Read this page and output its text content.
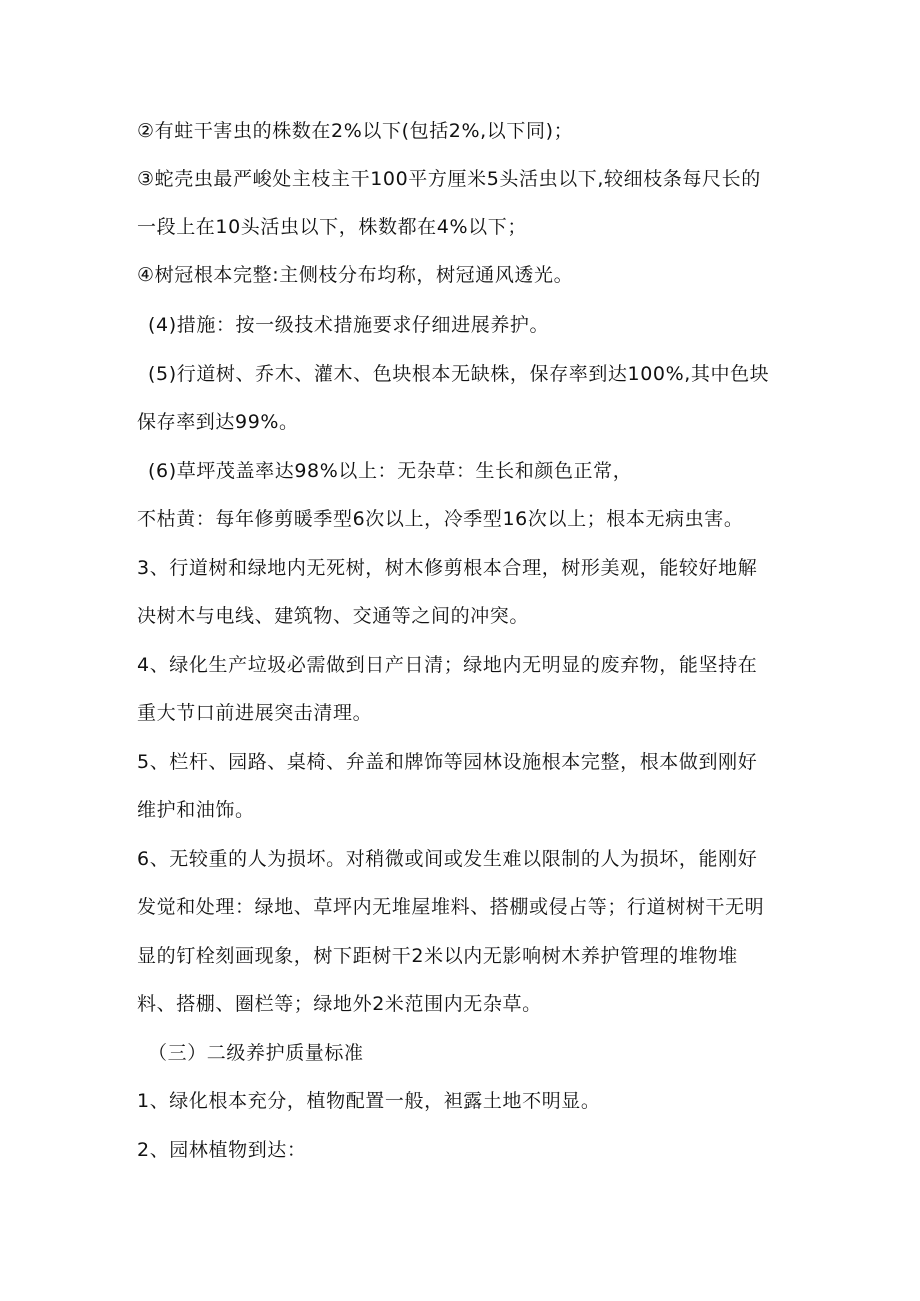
②有蛀干害虫的株数在2%以下(包括2%,以下同)；
③蛇壳虫最严峻处主枝主干100平方厘米5头活虫以下,较细枝条每尺长的
一段上在10头活虫以下，株数都在4%以下；
④树冠根本完整:主侧枝分布均称，树冠通风透光。
(4)措施：按一级技术措施要求仔细进展养护。
(5)行道树、乔木、灌木、色块根本无缺株，保存率到达100%,其中色块
保存率到达99%。
(6)草坪茂盖率达98%以上：无杂草：生长和颜色正常，
不枯黄：每年修剪暖季型6次以上，冷季型16次以上；根本无病虫害。
3、行道树和绿地内无死树，树木修剪根本合理，树形美观，能较好地解
决树木与电线、建筑物、交通等之间的冲突。
4、绿化生产垃圾必需做到日产日清；绿地内无明显的废弃物，能坚持在
重大节口前进展突击清理。
5、栏杆、园路、桌椅、弁盖和牌饰等园林设施根本完整，根本做到刚好
维护和油饰。
6、无较重的人为损坏。对稍微或间或发生难以限制的人为损坏，能刚好
发觉和处理：绿地、草坪内无堆屋堆料、搭棚或侵占等；行道树树干无明
显的钉栓刻画现象，树下距树干2米以内无影响树木养护管理的堆物堆
料、搭棚、圈栏等；绿地外2米范围内无杂草。
（三）二级养护质量标准
1、绿化根本充分，植物配置一般，袒露土地不明显。
2、园林植物到达：
